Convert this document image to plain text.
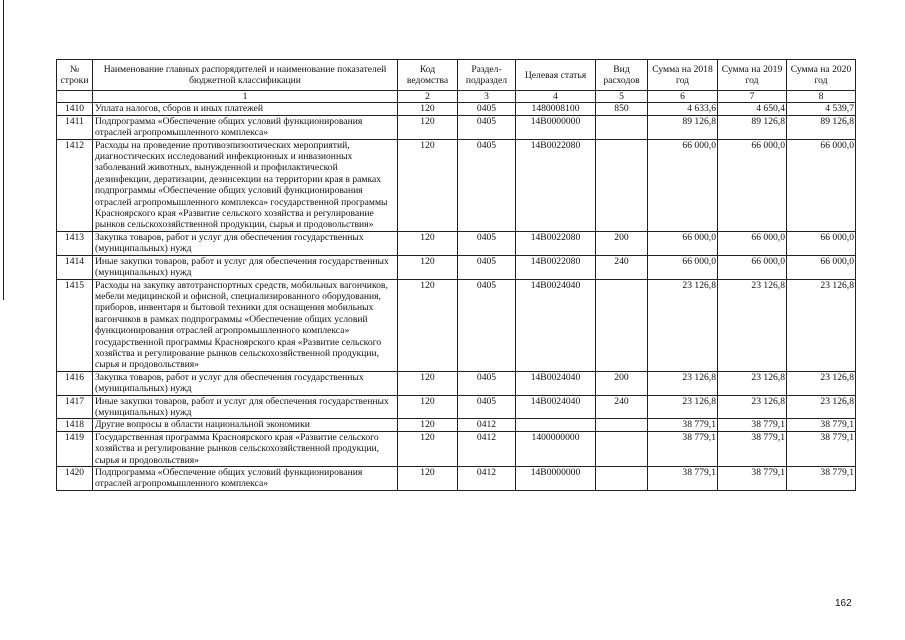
№ строки	Наименование главных распорядителей и наименование показателей бюджетной классификации	Код ведомства	Раздел-подраздел	Целевая статья	Вид расходов	Сумма на 2018 год	Сумма на 2019 год	Сумма на 2020 год
	1	2	3	4	5	6	7	8
1410	Уплата налогов, сборов и иных платежей	120	0405	1480008100	850	4 633,6	4 650,4	4 539,7
1411	Подпрограмма «Обеспечение общих условий функционирования отраслей агропромышленного комплекса»	120	0405	14В0000000		89 126,8	89 126,8	89 126,8
1412	Расходы на проведение противоэпизоотических мероприятий, диагностических исследований инфекционных и инвазионных заболеваний животных, вынужденной и профилактической дезинфекции, дератизации, дезинсекции на территории края в рамках подпрограммы «Обеспечение общих условий функционирования отраслей агропромышленного комплекса» государственной программы Красноярского края «Развитие сельского хозяйства и регулирование рынков сельскохозяйственной продукции, сырья и продовольствия»	120	0405	14В0022080		66 000,0	66 000,0	66 000,0
1413	Закупка товаров, работ и услуг для обеспечения государственных (муниципальных) нужд	120	0405	14В0022080	200	66 000,0	66 000,0	66 000,0
1414	Иные закупки товаров, работ и услуг для обеспечения государственных (муниципальных) нужд	120	0405	14В0022080	240	66 000,0	66 000,0	66 000,0
1415	Расходы на закупку автотранспортных средств, мобильных вагончиков, мебели медицинской и офисной, специализированного оборудования, приборов, инвентаря и бытовой техники для оснащения мобильных вагончиков в рамках подпрограммы «Обеспечение общих условий функционирования отраслей агропромышленного комплекса» государственной программы Красноярского края «Развитие сельского хозяйства и регулирование рынков сельскохозяйственной продукции, сырья и продовольствия»	120	0405	14В0024040		23 126,8	23 126,8	23 126,8
1416	Закупка товаров, работ и услуг для обеспечения государственных (муниципальных) нужд	120	0405	14В0024040	200	23 126,8	23 126,8	23 126,8
1417	Иные закупки товаров, работ и услуг для обеспечения государственных (муниципальных) нужд	120	0405	14В0024040	240	23 126,8	23 126,8	23 126,8
1418	Другие вопросы в области национальной экономики	120	0412			38 779,1	38 779,1	38 779,1
1419	Государственная программа Красноярского края «Развитие сельского хозяйства и регулирование рынков сельскохозяйственной продукции, сырья и продовольствия»	120	0412	1400000000		38 779,1	38 779,1	38 779,1
1420	Подпрограмма «Обеспечение общих условий функционирования отраслей агропромышленного комплекса»	120	0412	14В0000000		38 779,1	38 779,1	38 779,1
162
